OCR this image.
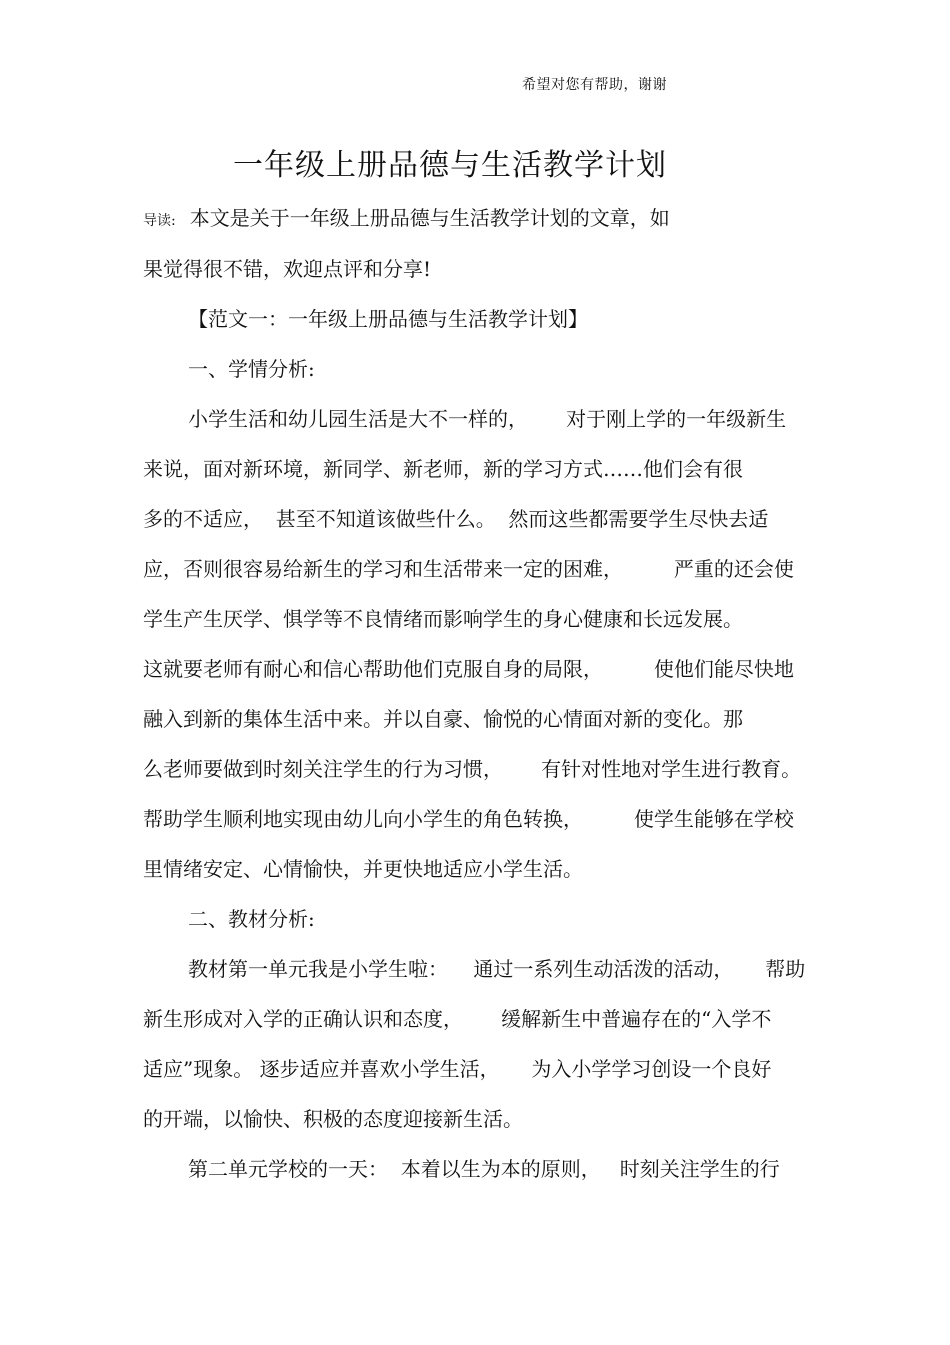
希望对您有帮助，谢谢
一年级上册品德与生活教学计划
导读: 本文是关于一年级上册品德与生活教学计划的文章，如
果觉得很不错，欢迎点评和分享!
【范文一：一年级上册品德与生活教学计划】
一、学情分析:
小学生活和幼儿园生活是大不一样的，      对于刚上学的一年级新生
来说，面对新环境，新同学、新老师，新的学习方式……他们会有很
多的不适应，  甚至不知道该做些什么。  然而这些都需要学生尽快去适
应，否则很容易给新生的学习和生活带来一定的困难，        严重的还会使
学生产生厌学、惧学等不良情绪而影响学生的身心健康和长远发展。
这就要老师有耐心和信心帮助他们克服自身的局限，        使他们能尽快地
融入到新的集体生活中来。并以自豪、愉悦的心情面对新的变化。那
么老师要做到时刻关注学生的行为习惯，      有针对性地对学生进行教育。
帮助学生顺利地实现由幼儿向小学生的角色转换，        使学生能够在学校
里情绪安定、心情愉快，并更快地适应小学生活。
二、教材分析:
教材第一单元我是小学生啦：    通过一系列生动活泼的活动，     帮助
新生形成对入学的正确认识和态度，      缓解新生中普遍存在的“入学不
适应”现象。 逐步适应并喜欢小学生活，     为入小学学习创设一个良好
的开端，以愉快、积极的态度迎接新生活。
第二单元学校的一天：  本着以生为本的原则，   时刻关注学生的行
